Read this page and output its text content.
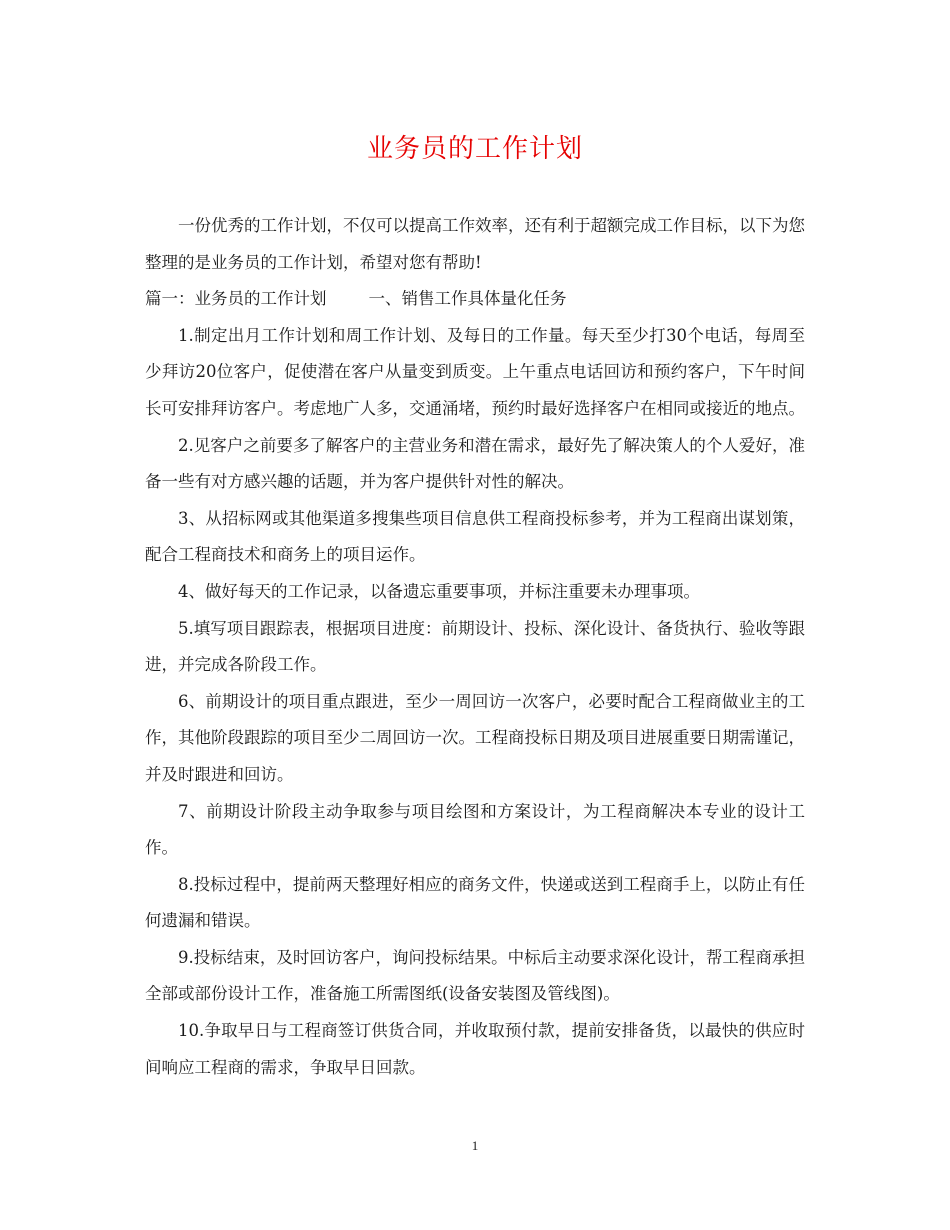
业务员的工作计划

一份优秀的工作计划，不仅可以提高工作效率，还有利于超额完成工作目标，以下为您整理的是业务员的工作计划，希望对您有帮助!

篇一：业务员的工作计划	一、销售工作具体量化任务

1.制定出月工作计划和周工作计划、及每日的工作量。每天至少打30个电话，每周至少拜访20位客户，促使潜在客户从量变到质变。上午重点电话回访和预约客户，下午时间长可安排拜访客户。考虑地广人多，交通涌堵，预约时最好选择客户在相同或接近的地点。

2.见客户之前要多了解客户的主营业务和潜在需求，最好先了解决策人的个人爱好，准备一些有对方感兴趣的话题，并为客户提供针对性的解决。

3、从招标网或其他渠道多搜集些项目信息供工程商投标参考，并为工程商出谋划策，配合工程商技术和商务上的项目运作。

4、做好每天的工作记录，以备遗忘重要事项，并标注重要未办理事项。

5.填写项目跟踪表，根据项目进度：前期设计、投标、深化设计、备货执行、验收等跟进，并完成各阶段工作。

6、前期设计的项目重点跟进，至少一周回访一次客户，必要时配合工程商做业主的工作，其他阶段跟踪的项目至少二周回访一次。工程商投标日期及项目进展重要日期需谨记，并及时跟进和回访。

7、前期设计阶段主动争取参与项目绘图和方案设计，为工程商解决本专业的设计工作。

8.投标过程中，提前两天整理好相应的商务文件，快递或送到工程商手上，以防止有任何遗漏和错误。

9.投标结束，及时回访客户，询问投标结果。中标后主动要求深化设计，帮工程商承担全部或部份设计工作，准备施工所需图纸(设备安装图及管线图)。

10.争取早日与工程商签订供货合同，并收取预付款，提前安排备货，以最快的供应时间响应工程商的需求，争取早日回款。

1
